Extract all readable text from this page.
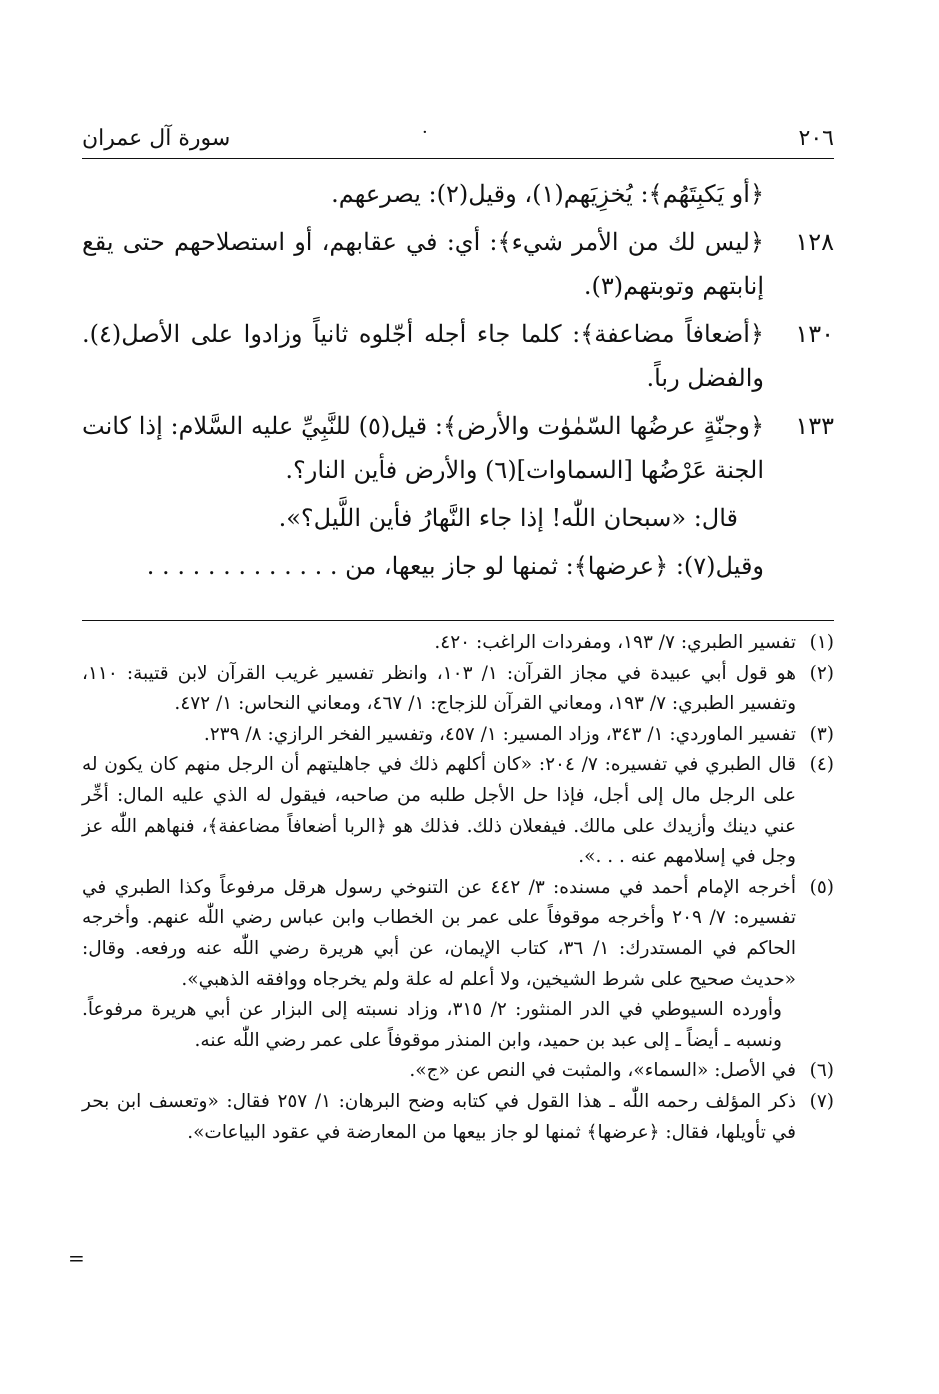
٢٠٦
·
سورة آل عمران
﴿أو يَكبِتَهُم﴾: يُخزِيَهم(١)، وقيل(٢): يصرعهم.
١٢٨
﴿ليس لك من الأمر شيء﴾: أي: في عقابهم، أو استصلاحهم حتى يقع إنابتهم وتوبتهم(٣).
١٣٠
﴿أضعافاً مضاعفة﴾: كلما جاء أجله أجّلوه ثانياً وزادوا على الأصل(٤). والفضل رباً.
١٣٣
﴿وجنّةٍ عرضُها السّمٰوٰت والأرض﴾: قيل(٥) للنَّبِيِّ عليه السَّلام: إذا كانت الجنة عَرْضُها [السماوات](٦) والأرض فأين النار؟.
قال: «سبحان اللّٰه! إذا جاء النَّهارُ فأين اللَّيل؟».
وقيل(٧): ﴿عرضها﴾: ثمنها لو جاز بيعها، من . . . . . . . . . . . . .
(١)

تفسير الطبري: ٧/ ١٩٣، ومفردات الراغب: ٤٢٠.

(٢)

هو قول أبي عبيدة في مجاز القرآن: ١/ ١٠٣، وانظر تفسير غريب القرآن لابن قتيبة: ١١٠، وتفسير الطبري: ٧/ ١٩٣، ومعاني القرآن للزجاج: ١/ ٤٦٧، ومعاني النحاس: ١/ ٤٧٢.

(٣)

تفسير الماوردي: ١/ ٣٤٣، وزاد المسير: ١/ ٤٥٧، وتفسير الفخر الرازي: ٨/ ٢٣٩.

(٤)

قال الطبري في تفسيره: ٧/ ٢٠٤: «كان أكلهم ذلك في جاهليتهم أن الرجل منهم كان يكون له على الرجل مال إلى أجل، فإذا حل الأجل طلبه من صاحبه، فيقول له الذي عليه المال: أخِّر عني دينك وأزيدك على مالك. فيفعلان ذلك. فذلك هو ﴿الربا أضعافاً مضاعفة﴾، فنهاهم اللّٰه عز وجل في إسلامهم عنه . . .».

(٥)

أخرجه الإمام أحمد في مسنده: ٣/ ٤٤٢ عن التنوخي رسول هرقل مرفوعاً وكذا الطبري في تفسيره: ٧/ ٢٠٩ وأخرجه موقوفاً على عمر بن الخطاب وابن عباس رضي اللّٰه عنهم. وأخرجه الحاكم في المستدرك: ١/ ٣٦، كتاب الإيمان، عن أبي هريرة رضي اللّٰه عنه ورفعه. وقال: «حديث صحيح على شرط الشيخين، ولا أعلم له علة ولم يخرجاه ووافقه الذهبي».

وأورده السيوطي في الدر المنثور: ٢/ ٣١٥، وزاد نسبته إلى البزار عن أبي هريرة مرفوعاً. ونسبه ـ أيضاً ـ إلى عبد بن حميد، وابن المنذر موقوفاً على عمر رضي اللّٰه عنه.

(٦)

في الأصل: «السماء»، والمثبت في النص عن «ج».

(٧)

ذكر المؤلف رحمه اللّٰه ـ هذا القول في كتابه وضح البرهان: ١/ ٢٥٧ فقال: «وتعسف ابن بحر في تأويلها، فقال: ﴿عرضها﴾ ثمنها لو جاز بيعها من المعارضة في عقود البياعات».

=
